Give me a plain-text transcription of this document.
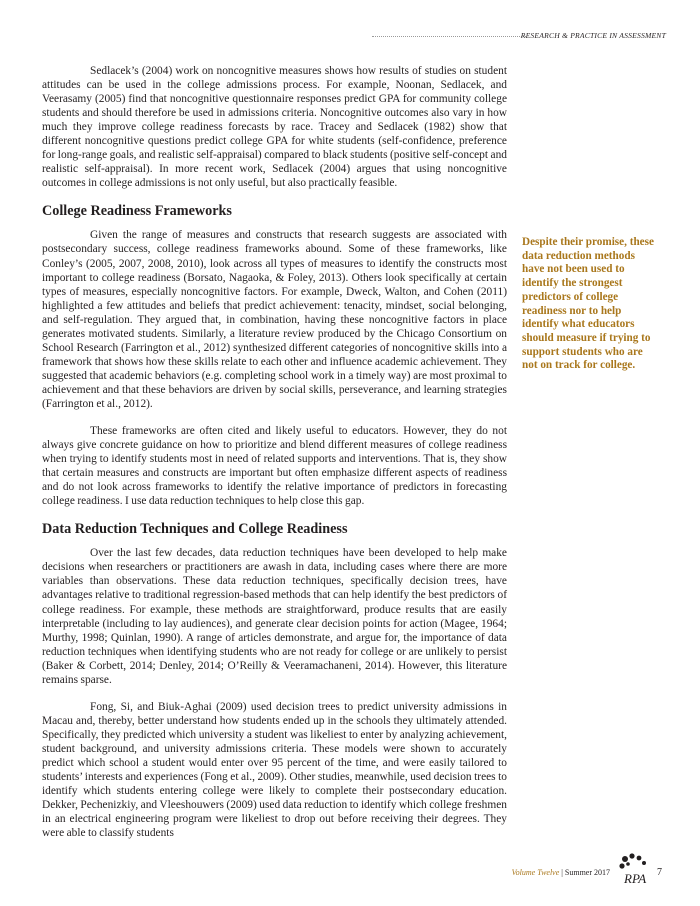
RESEARCH & PRACTICE IN ASSESSMENT

Sedlacek’s (2004) work on noncognitive measures shows how results of studies on student attitudes can be used in the college admissions process. For example, Noonan, Sedlacek, and Veerasamy (2005) find that noncognitive questionnaire responses predict GPA for community college students and should therefore be used in admissions criteria. Noncognitive outcomes also vary in how much they improve college readiness forecasts by race. Tracey and Sedlacek (1982) show that different noncognitive questions predict college GPA for white students (self-confidence, preference for long-range goals, and realistic self-appraisal) compared to black students (positive self-concept and realistic self-appraisal). In more recent work, Sedlacek (2004) argues that using noncognitive outcomes in college admissions is not only useful, but also practically feasible.

College Readiness Frameworks

Given the range of measures and constructs that research suggests are associated with postsecondary success, college readiness frameworks abound. Some of these frameworks, like Conley’s (2005, 2007, 2008, 2010), look across all types of measures to identify the constructs most important to college readiness (Borsato, Nagaoka, & Foley, 2013). Others look specifically at certain types of measures, especially noncognitive factors. For example, Dweck, Walton, and Cohen (2011) highlighted a few attitudes and beliefs that predict achievement: tenacity, mindset, social belonging, and self-regulation. They argued that, in combination, having these noncognitive factors in place generates motivated students. Similarly, a literature review produced by the Chicago Consortium on School Research (Farrington et al., 2012) synthesized different categories of noncognitive skills into a framework that shows how these skills relate to each other and influence academic achievement. They suggested that academic behaviors (e.g. completing school work in a timely way) are most proximal to achievement and that these behaviors are driven by social skills, perseverance, and learning strategies (Farrington et al., 2012).

These frameworks are often cited and likely useful to educators. However, they do not always give concrete guidance on how to prioritize and blend different measures of college readiness when trying to identify students most in need of related supports and interventions. That is, they show that certain measures and constructs are important but often emphasize different aspects of readiness and do not look across frameworks to identify the relative importance of predictors in forecasting college readiness. I use data reduction techniques to help close this gap.

Data Reduction Techniques and College Readiness

Over the last few decades, data reduction techniques have been developed to help make decisions when researchers or practitioners are awash in data, including cases where there are more variables than observations. These data reduction techniques, specifically decision trees, have advantages relative to traditional regression-based methods that can help identify the best predictors of college readiness. For example, these methods are straightforward, produce results that are easily interpretable (including to lay audiences), and generate clear decision points for action (Magee, 1964; Murthy, 1998; Quinlan, 1990). A range of articles demonstrate, and argue for, the importance of data reduction techniques when identifying students who are not ready for college or are unlikely to persist (Baker & Corbett, 2014; Denley, 2014; O’Reilly & Veeramachaneni, 2014). However, this literature remains sparse.

Fong, Si, and Biuk-Aghai (2009) used decision trees to predict university admissions in Macau and, thereby, better understand how students ended up in the schools they ultimately attended. Specifically, they predicted which university a student was likeliest to enter by analyzing achievement, student background, and university admissions criteria. These models were shown to accurately predict which school a student would enter over 95 percent of the time, and were easily tailored to students’ interests and experiences (Fong et al., 2009). Other studies, meanwhile, used decision trees to identify which students entering college were likely to complete their postsecondary education. Dekker, Pechenizkiy, and Vleeshouwers (2009) used data reduction to identify which college freshmen in an electrical engineering program were likeliest to drop out before receiving their degrees. They were able to classify students

Despite their promise, these data reduction methods have not been used to identify the strongest predictors of college readiness nor to help identify what educators should measure if trying to support students who are not on track for college.
Volume Twelve | Summer 2017 RPA 7
